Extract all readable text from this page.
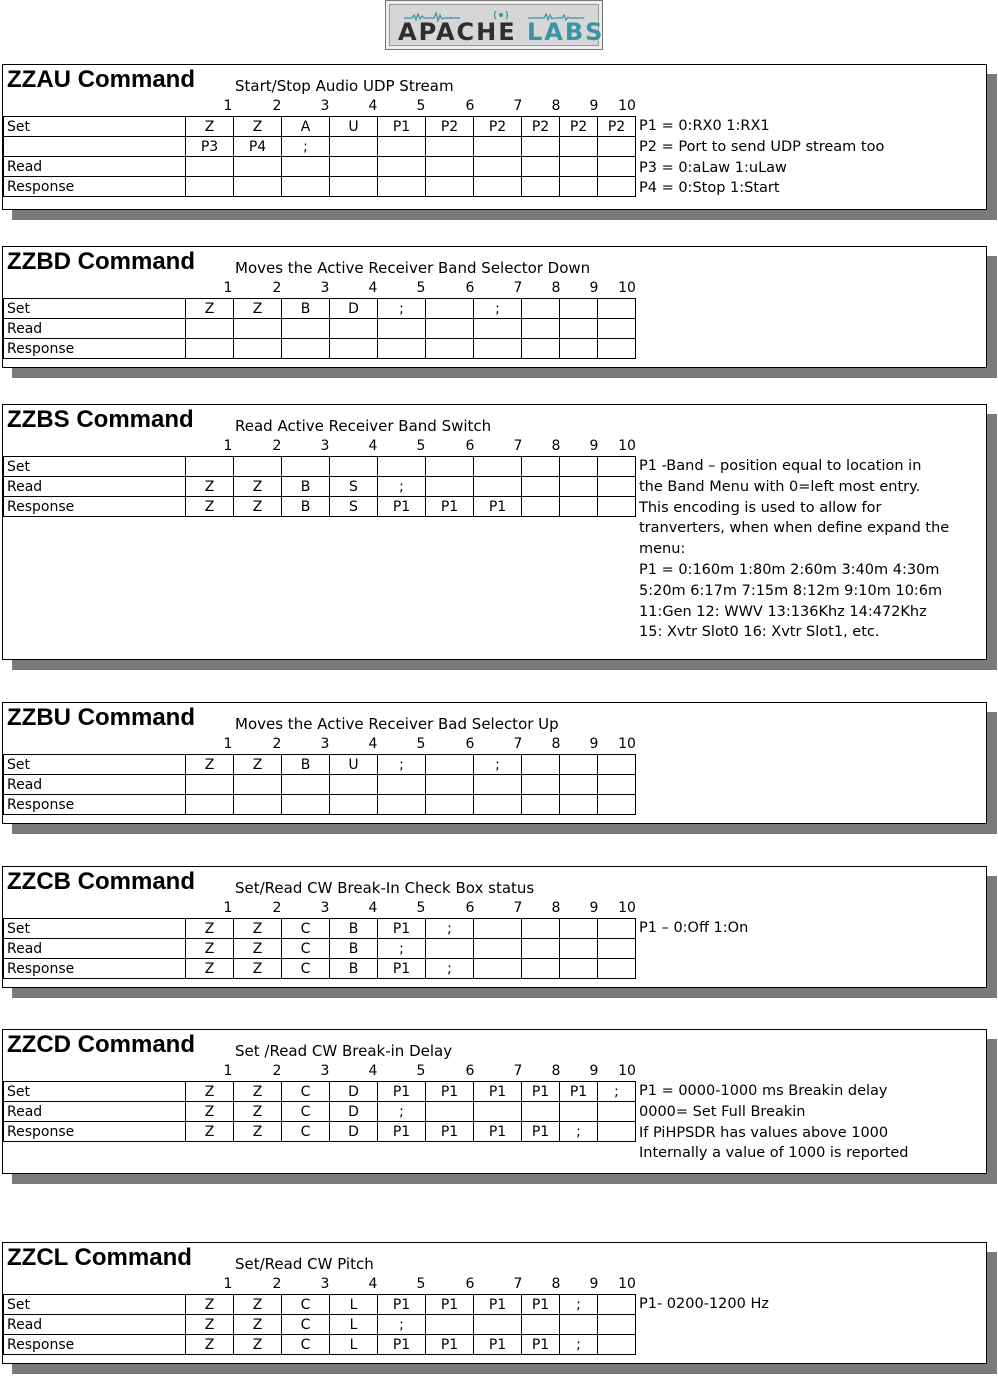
APACHE LABS
ZZAU Command	Start/Stop Audio UDP Stream
1	2	3	4	5	6	7	8	9	10
Set	Z	Z	A	U	P1	P2	P2	P2	P2	P2
	P3	P4	;							
Read										
Response										
P1 = 0:RX0 1:RX1
P2 = Port to send UDP stream too
P3 = 0:aLaw 1:uLaw
P4 = 0:Stop 1:Start
ZZBD Command	Moves the Active Receiver Band Selector Down
1	2	3	4	5	6	7	8	9	10
Set	Z	Z	B	D	;		;			
Read										
Response										
ZZBS Command	Read Active Receiver Band Switch
1	2	3	4	5	6	7	8	9	10
Set										
Read	Z	Z	B	S	;					
Response	Z	Z	B	S	P1	P1	P1			
P1 -Band – position equal to location in
the Band Menu with 0=left most entry.
This encoding is used to allow for
tranverters, when when define expand the
menu:
P1 = 0:160m 1:80m 2:60m 3:40m 4:30m
5:20m 6:17m 7:15m 8:12m 9:10m 10:6m
11:Gen 12: WWV 13:136Khz 14:472Khz
15: Xvtr Slot0 16: Xvtr Slot1, etc.
ZZBU Command	Moves the Active Receiver Bad Selector Up
1	2	3	4	5	6	7	8	9	10
Set	Z	Z	B	U	;		;			
Read										
Response										
ZZCB Command	Set/Read CW Break-In Check Box status
1	2	3	4	5	6	7	8	9	10
Set	Z	Z	C	B	P1	;				
Read	Z	Z	C	B	;					
Response	Z	Z	C	B	P1	;				
P1 – 0:Off 1:On
ZZCD Command	Set /Read CW Break-in Delay
1	2	3	4	5	6	7	8	9	10
Set	Z	Z	C	D	P1	P1	P1	P1	P1	;
Read	Z	Z	C	D	;					
Response	Z	Z	C	D	P1	P1	P1	P1	;	
P1 = 0000-1000 ms Breakin delay
0000= Set Full Breakin
If PiHPSDR has values above 1000
Internally a value of 1000 is reported
ZZCL Command	Set/Read CW Pitch
1	2	3	4	5	6	7	8	9	10
Set	Z	Z	C	L	P1	P1	P1	P1	;	
Read	Z	Z	C	L	;					
Response	Z	Z	C	L	P1	P1	P1	P1	;	
P1- 0200-1200 Hz
